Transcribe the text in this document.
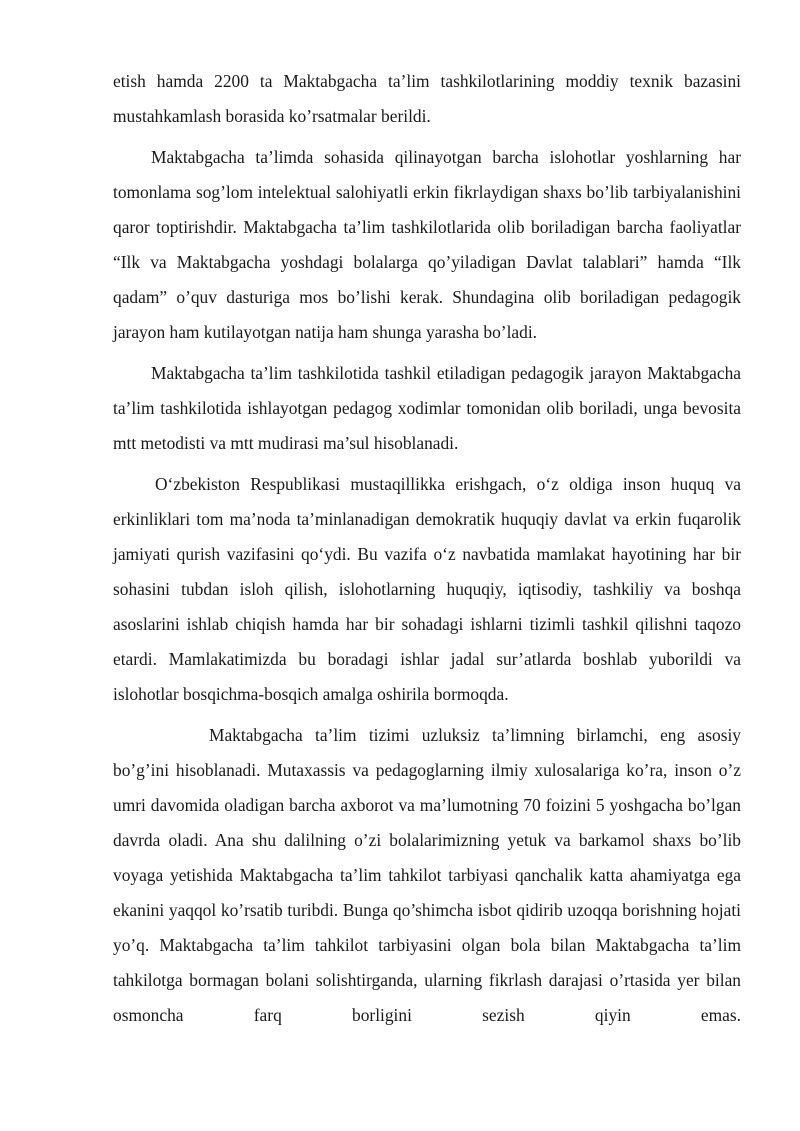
etish hamda 2200 ta Maktabgacha ta’lim tashkilotlarining moddiy texnik bazasini mustahkamlash borasida ko’rsatmalar berildi.

Maktabgacha ta’limda sohasida qilinayotgan barcha islohotlar yoshlarning har tomonlama sog’lom intelektual salohiyatli erkin fikrlaydigan shaxs bo’lib tarbiyalanishini qaror toptirishdir. Maktabgacha ta’lim tashkilotlarida olib boriladigan barcha faoliyatlar “Ilk va Maktabgacha yoshdagi bolalarga qo’yiladigan Davlat talablari” hamda “Ilk qadam” o’quv dasturiga mos bo’lishi kerak. Shundagina olib boriladigan pedagogik jarayon ham kutilayotgan natija ham shunga yarasha bo’ladi.

Maktabgacha ta’lim tashkilotida tashkil etiladigan pedagogik jarayon Maktabgacha ta’lim tashkilotida ishlayotgan pedagog xodimlar tomonidan olib boriladi, unga bevosita mtt metodisti va mtt mudirasi ma’sul hisoblanadi.

O‘zbekiston Respublikasi mustaqillikka erishgach, o‘z oldiga inson huquq va erkinliklari tom ma’noda ta’minlanadigan demokratik huquqiy davlat va erkin fuqarolik jamiyati qurish vazifasini qo‘ydi. Bu vazifa o‘z navbatida mamlakat hayotining har bir sohasini tubdan isloh qilish, islohotlarning huquqiy, iqtisodiy, tashkiliy va boshqa asoslarini ishlab chiqish hamda har bir sohadagi ishlarni tizimli tashkil qilishni taqozo etardi. Mamlakatimizda bu boradagi ishlar jadal sur’atlarda boshlab yuborildi va islohotlar bosqichma-bosqich amalga oshirila bormoqda.

Maktabgacha ta’lim tizimi uzluksiz ta’limning birlamchi, eng asosiy bo’g’ini hisoblanadi. Mutaxassis va pedagoglarning ilmiy xulosalariga ko’ra, inson o’z umri davomida oladigan barcha axborot va ma’lumotning 70 foizini 5 yoshgacha bo’lgan davrda oladi. Ana shu dalilning o’zi bolalarimizning yetuk va barkamol shaxs bo’lib voyaga yetishida Maktabgacha ta’lim tahkilot tarbiyasi qanchalik katta ahamiyatga ega ekanini yaqqol ko’rsatib turibdi. Bunga qo’shimcha isbot qidirib uzoqqa borishning hojati yo’q. Maktabgacha ta’lim tahkilot tarbiyasini olgan bola bilan Maktabgacha ta’lim tahkilotga bormagan bolani solishtirganda, ularning fikrlash darajasi o’rtasida yer bilan osmoncha farq borligini sezish qiyin emas.
